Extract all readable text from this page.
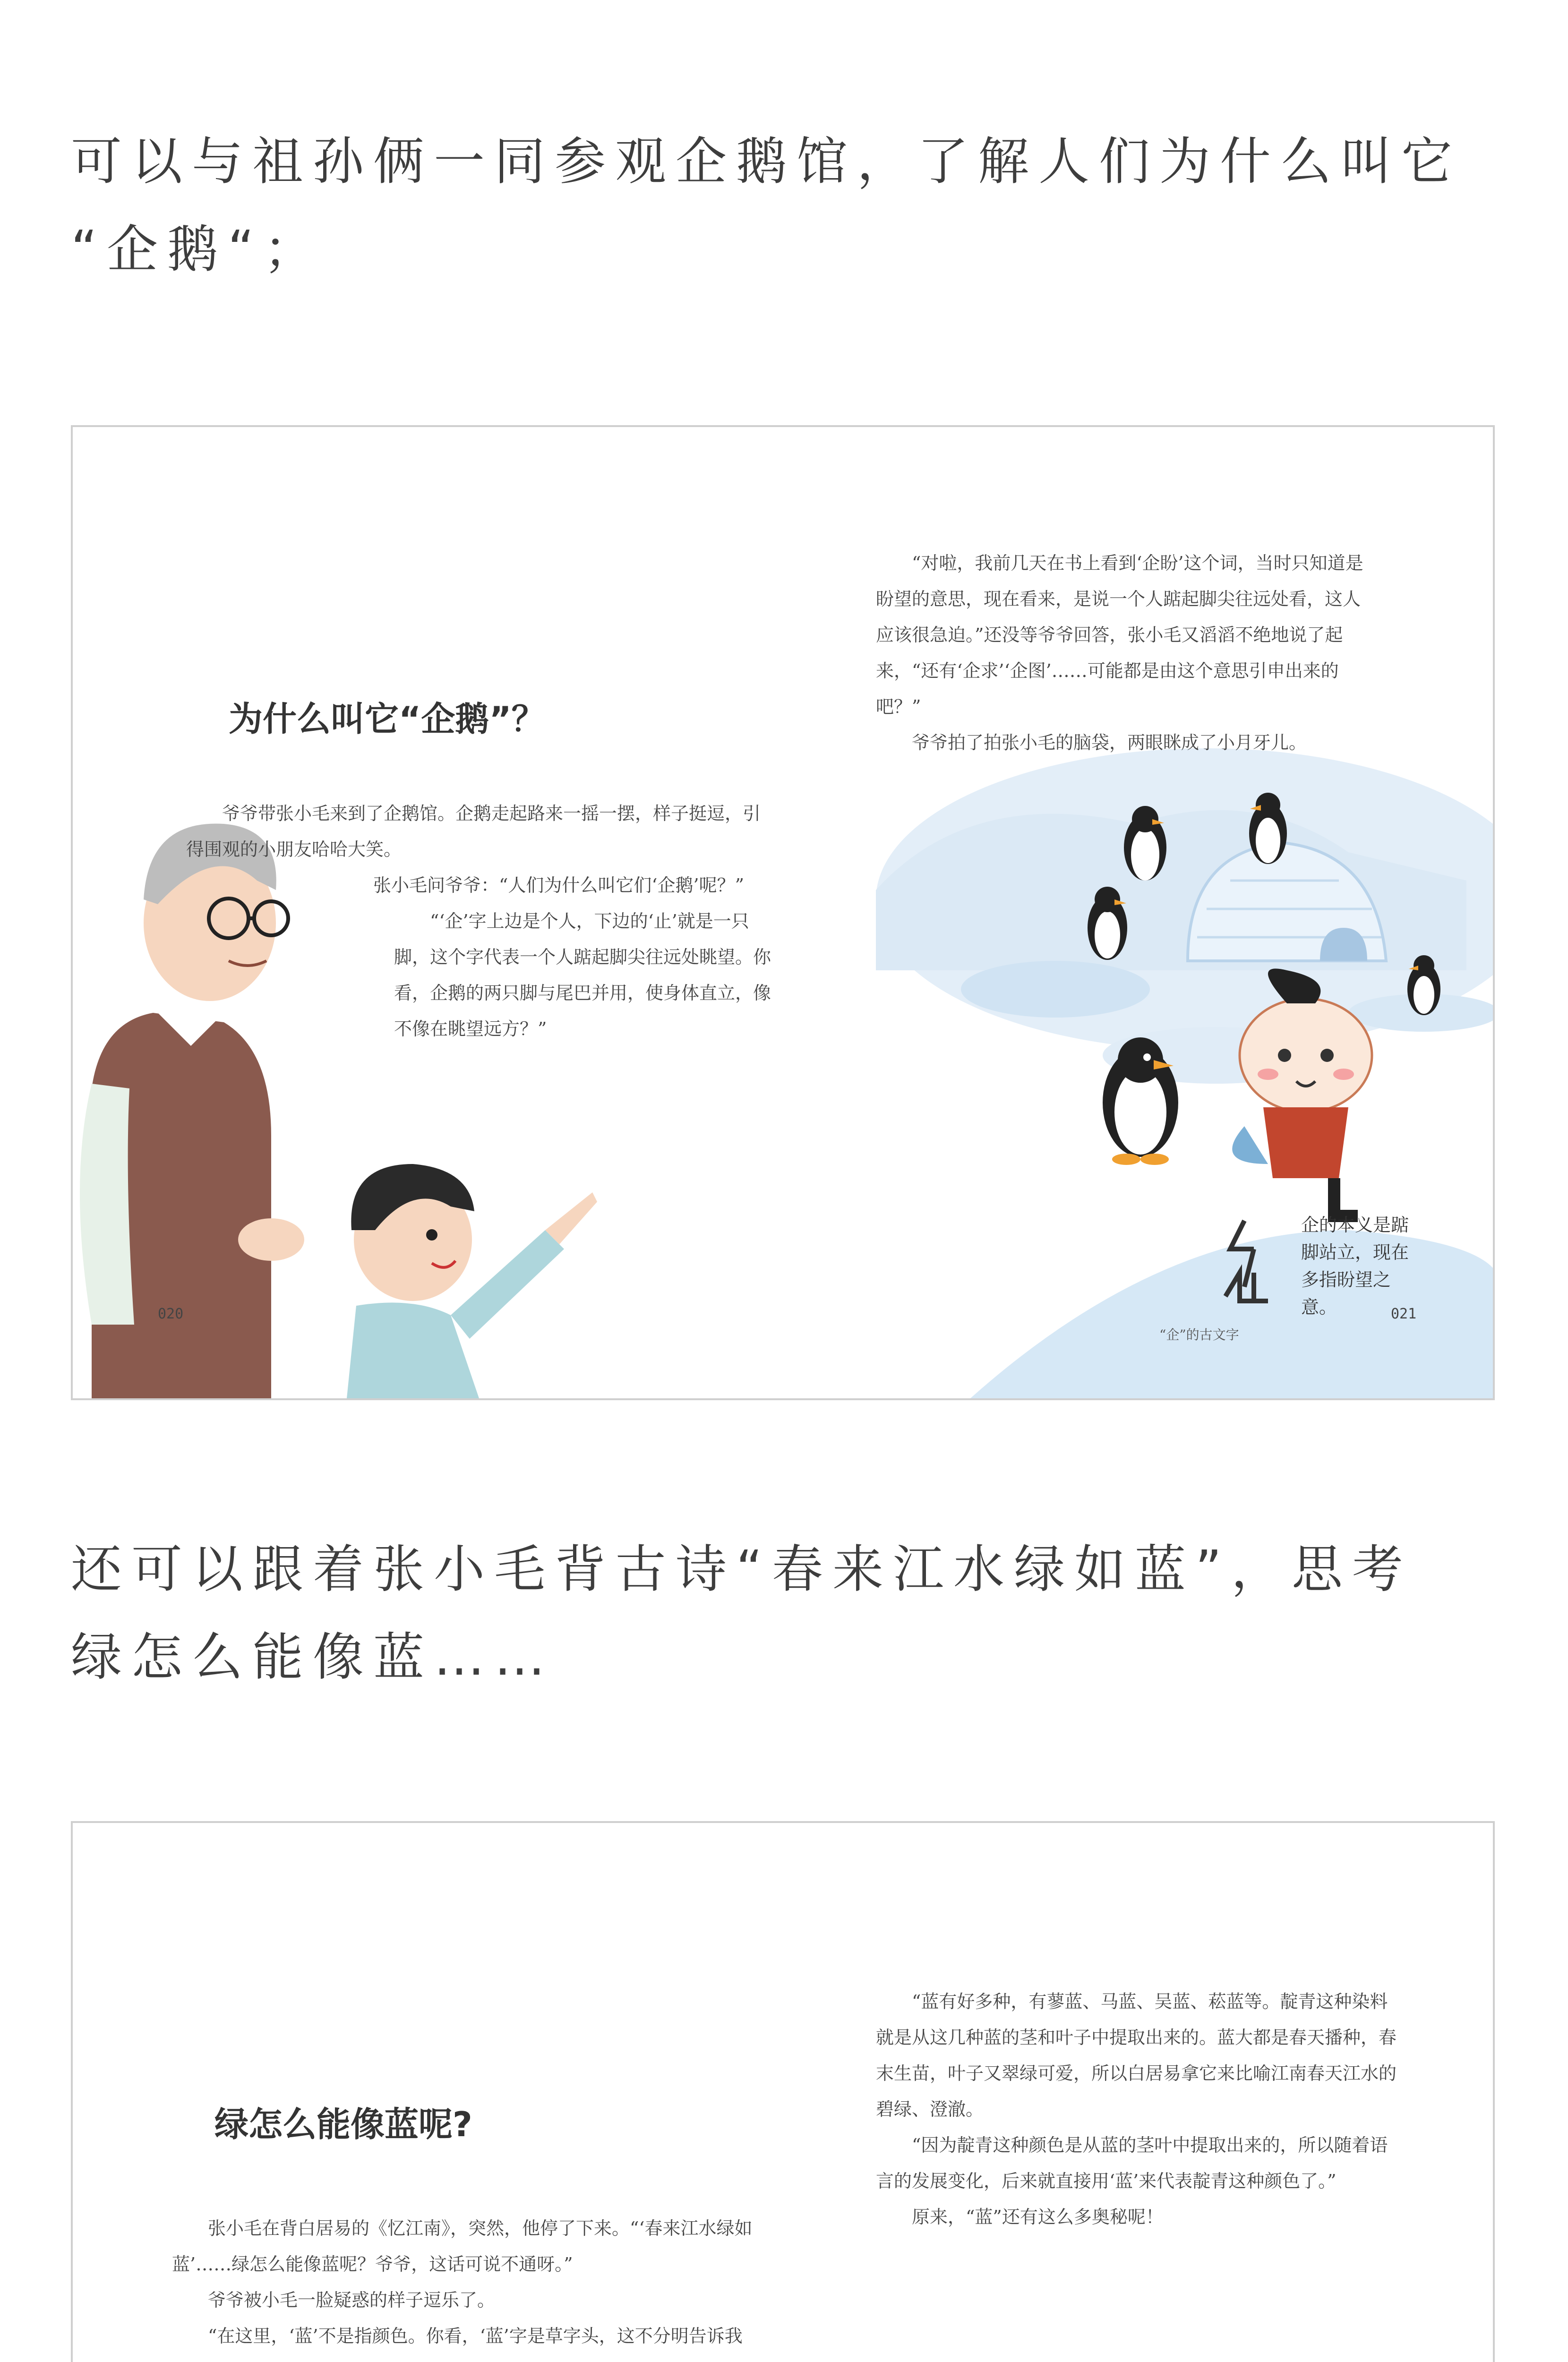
可以与祖孙俩一同参观企鹅馆，了解人们为什么叫它
“企鹅“；

为什么叫它“企鹅”？

爷爷带张小毛来到了企鹅馆。企鹅走起路来一摇一摆，样子挺逗，引得围观的小朋友哈哈大笑。

张小毛问爷爷：“人们为什么叫它们‘企鹅’呢？”

“‘企’字上边是个人，下边的‘止’就是一只脚，这个字代表一个人踮起脚尖往远处眺望。你看，企鹅的两只脚与尾巴并用，使身体直立，像不像在眺望远方？”

“对啦，我前几天在书上看到‘企盼’这个词，当时只知道是盼望的意思，现在看来，是说一个人踮起脚尖往远处看，这人应该很急迫。”还没等爷爷回答，张小毛又滔滔不绝地说了起来，“还有‘企求’‘企图’……可能都是由这个意思引申出来的吧？”

爷爷拍了拍张小毛的脑袋，两眼眯成了小月牙儿。

企的本义是踮脚站立，现在多指盼望之意。
“企”的古文字
020	021

还可以跟着张小毛背古诗“春来江水绿如蓝”，思考
绿怎么能像蓝……

绿怎么能像蓝呢?

张小毛在背白居易的《忆江南》，突然，他停了下来。“‘春来江水绿如蓝’……绿怎么能像蓝呢？爷爷，这话可说不通呀。”

爷爷被小毛一脸疑惑的样子逗乐了。

“在这里，‘蓝’不是指颜色。你看，‘蓝’字是草字头，这不分明告诉我

“蓝有好多种，有蓼蓝、马蓝、吴蓝、菘蓝等。靛青这种染料就是从这几种蓝的茎和叶子中提取出来的。蓝大都是春天播种，春末生苗，叶子又翠绿可爱，所以白居易拿它来比喻江南春天江水的碧绿、澄澈。

“因为靛青这种颜色是从蓝的茎叶中提取出来的，所以随着语言的发展变化，后来就直接用‘蓝’来代表靛青这种颜色了。”

原来，“蓝”还有这么多奥秘呢！
